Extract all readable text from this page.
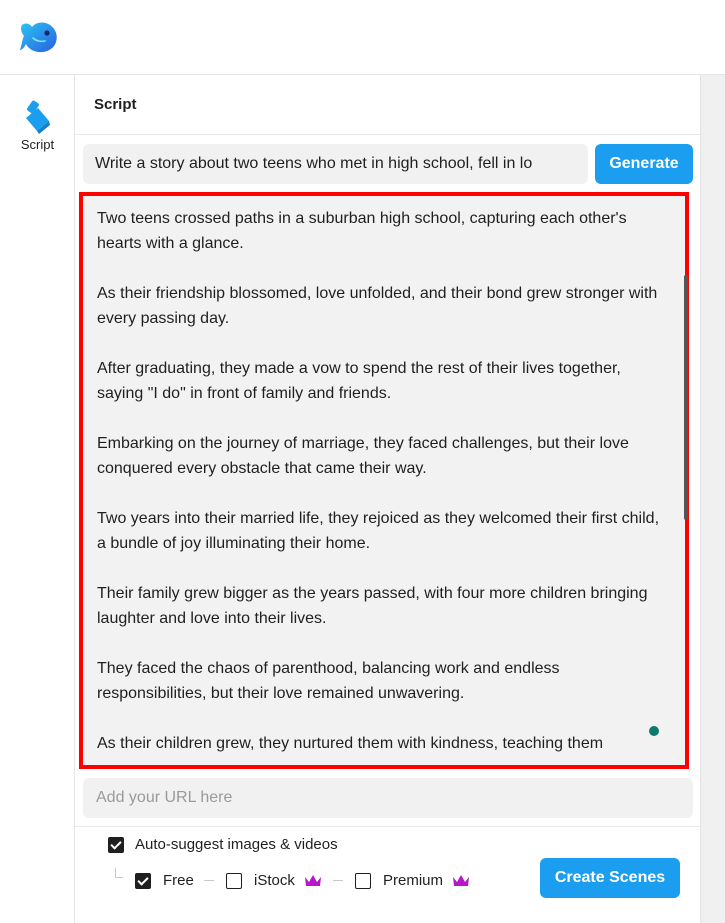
Script
Script
Write a story about two teens who met in high school, fell in lo
Generate

Two teens crossed paths in a suburban high school, capturing each other's hearts with a glance.

As their friendship blossomed, love unfolded, and their bond grew stronger with every passing day.

After graduating, they made a vow to spend the rest of their lives together, saying "I do" in front of family and friends.

Embarking on the journey of marriage, they faced challenges, but their love conquered every obstacle that came their way.

Two years into their married life, they rejoiced as they welcomed their first child, a bundle of joy illuminating their home.

Their family grew bigger as the years passed, with four more children bringing laughter and love into their lives.

They faced the chaos of parenthood, balancing work and endless responsibilities, but their love remained unwavering.

As their children grew, they nurtured them with kindness, teaching them

Add your URL here
Auto-suggest images & videos
Free	iStock	Premium	Create Scenes
